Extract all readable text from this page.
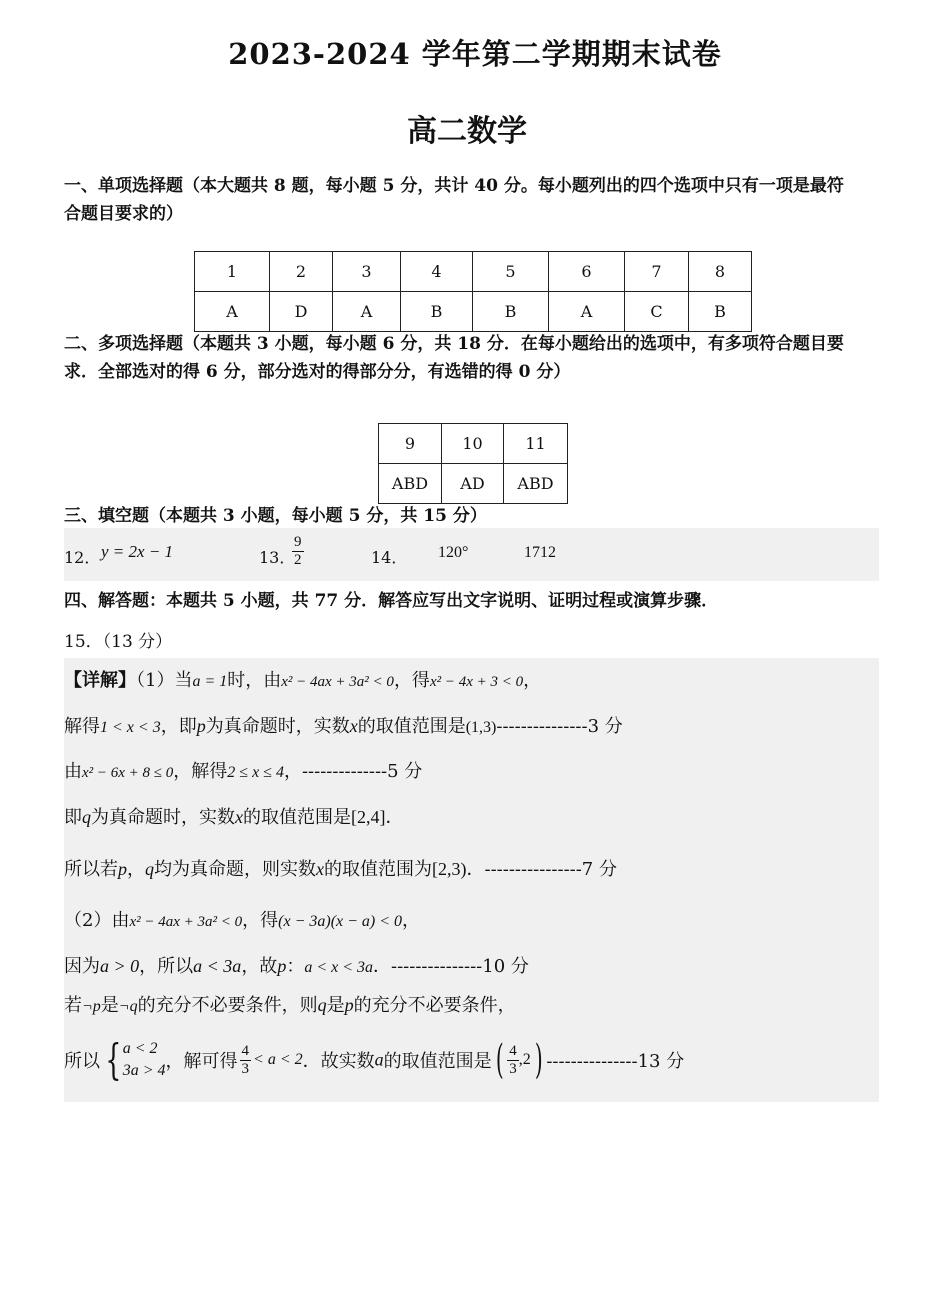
2023-2024 学年第二学期期末试卷
高二数学
一、单项选择题（本大题共 8 题，每小题 5 分，共计 40 分。每小题列出的四个选项中只有一项是最符
合题目要求的）
1	2	3	4	5	6	7	8
A	D	A	B	B	A	C	B
二、多项选择题（本题共 3 小题，每小题 6 分，共 18 分．在每小题给出的选项中，有多项符合题目要
求．全部选对的得 6 分，部分选对的得部分分，有选错的得 0 分）
9	10	11
ABD	AD	ABD
三、填空题（本题共 3 小题，每小题 5 分，共 15 分）
12． y = 2x − 1	13．
$\frac{9}{2}$	14． 120°	1712
四、解答题：本题共 5 小题，共 77 分．解答应写出文字说明、证明过程或演算步骤．
15．（13 分）
【详解】（1）当a = 1时，由x² − 4ax + 3a² < 0，得x² − 4x + 3 < 0，
解得1 < x < 3，即p为真命题时，实数x的取值范围是(1,3)---------------3 分
由x² − 6x + 8 ≤ 0，解得2 ≤ x ≤ 4，--------------5 分
即q为真命题时，实数x的取值范围是[2,4]．
所以若p，q均为真命题，则实数x的取值范围为[2,3)．----------------7 分
（2）由x² − 4ax + 3a² < 0，得(x − 3a)(x − a) < 0，
因为a > 0，所以a < 3a，故p：a < x < 3a．---------------10 分
若¬p是¬q的充分不必要条件，则q是p的充分不必要条件，
所以 { a < 2
3a > 4 ，解可得 $\frac{4}{3} < a < 2$．故实数a的取值范围是( $\frac{4}{3} ,2$) ---------------13 分
